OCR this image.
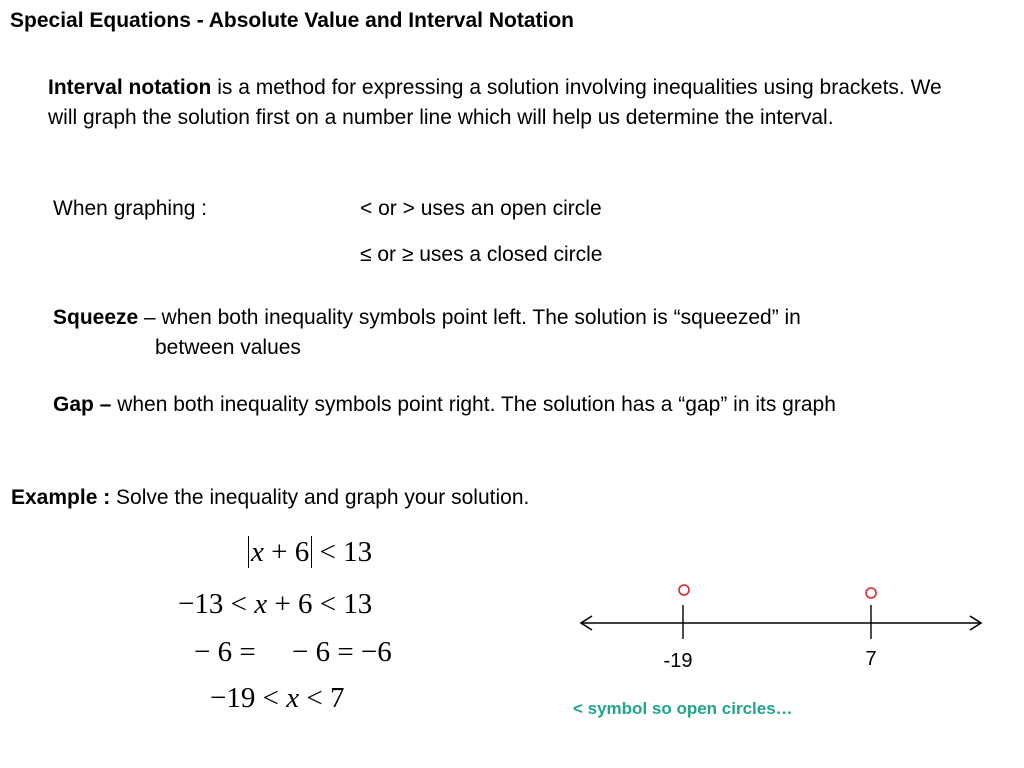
Special Equations - Absolute Value and Interval Notation
Interval notation is a method for expressing a solution involving inequalities using brackets. We will graph the solution first on a number line which will help us determine the interval.
When graphing :	< or > uses an open circle
≤ or ≥ uses a closed circle
Squeeze – when both inequality symbols point left. The solution is “squeezed” in
between values
Gap – when both inequality symbols point right. The solution has a “gap” in its graph
Example : Solve the inequality and graph your solution.
x + 6 < 13
−13 < x + 6 < 13
− 6 =     − 6 = −6
−19 < x < 7
-19	7
< symbol so open circles…
